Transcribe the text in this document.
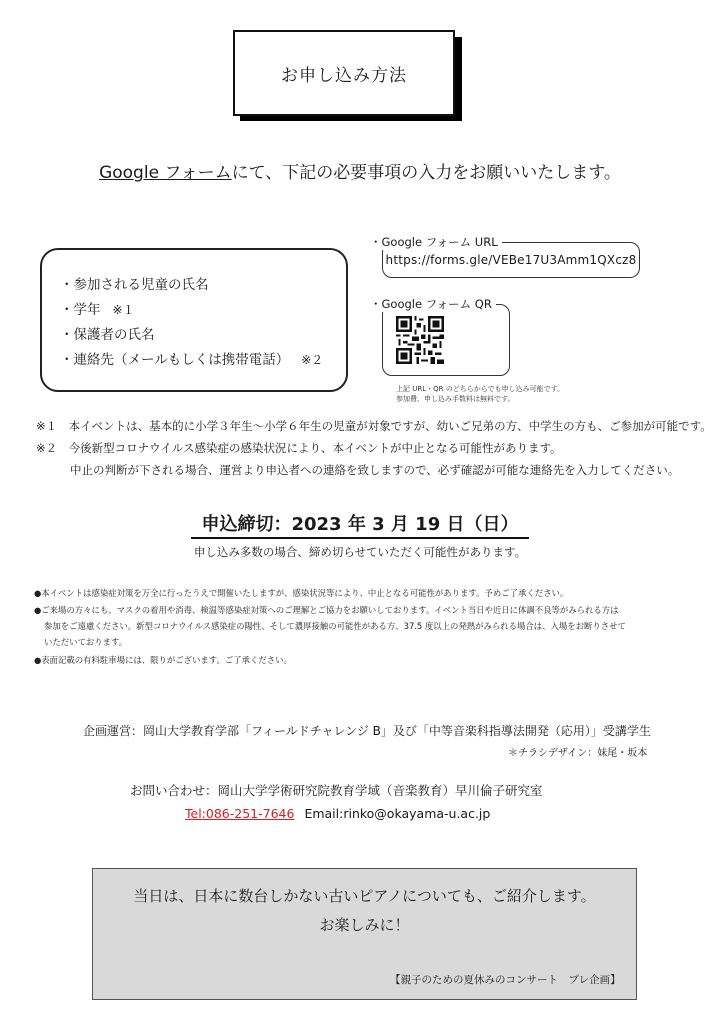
お申し込み方法
Google フォームにて、下記の必要事項の入力をお願いいたします。
・参加される児童の氏名
・学年 ※１
・保護者の氏名
・連絡先（メールもしくは携帯電話） ※２
https://forms.gle/VEBe17U3Amm1QXcz8
・Google フォーム URL
・Google フォーム QR
上記 URL・QR のどちらからでも申し込み可能です。
参加費、申し込み手数料は無料です。
※１　本イベントは、基本的に小学３年生～小学６年生の児童が対象ですが、幼いご兄弟の方、中学生の方も、ご参加が可能です。
※２　今後新型コロナウイルス感染症の感染状況により、本イベントが中止となる可能性があります。
中止の判断が下される場合、運営より申込者への連絡を致しますので、必ず確認が可能な連絡先を入力してください。
申込締切：2023 年 3 月 19 日（日）
申し込み多数の場合、締め切らせていただく可能性があります。
●本イベントは感染症対策を万全に行ったうえで開催いたしますが、感染状況等により、中止となる可能性があります。予めご了承ください。
●ご来場の方々にも、マスクの着用や消毒、検温等感染症対策へのご理解とご協力をお願いしております。イベント当日や近日に体調不良等がみられる方は
参加をご遠慮ください。新型コロナウイルス感染症の陽性、そして濃厚接触の可能性がある方、37.5 度以上の発熱がみられる場合は、入場をお断りさせて
いただいております。
●表面記載の有料駐車場には、限りがございます。ご了承ください。
企画運営：岡山大学教育学部「フィールドチャレンジ B」及び「中等音楽科指導法開発（応用）」受講学生
＊チラシデザイン：妹尾・坂本
お問い合わせ：岡山大学学術研究院教育学域（音楽教育）早川倫子研究室
Tel:086-251-7646 Email:rinko@okayama-u.ac.jp
当日は、日本に数台しかない古いピアノについても、ご紹介します。
お楽しみに！
【親子のための夏休みのコンサート　プレ企画】
